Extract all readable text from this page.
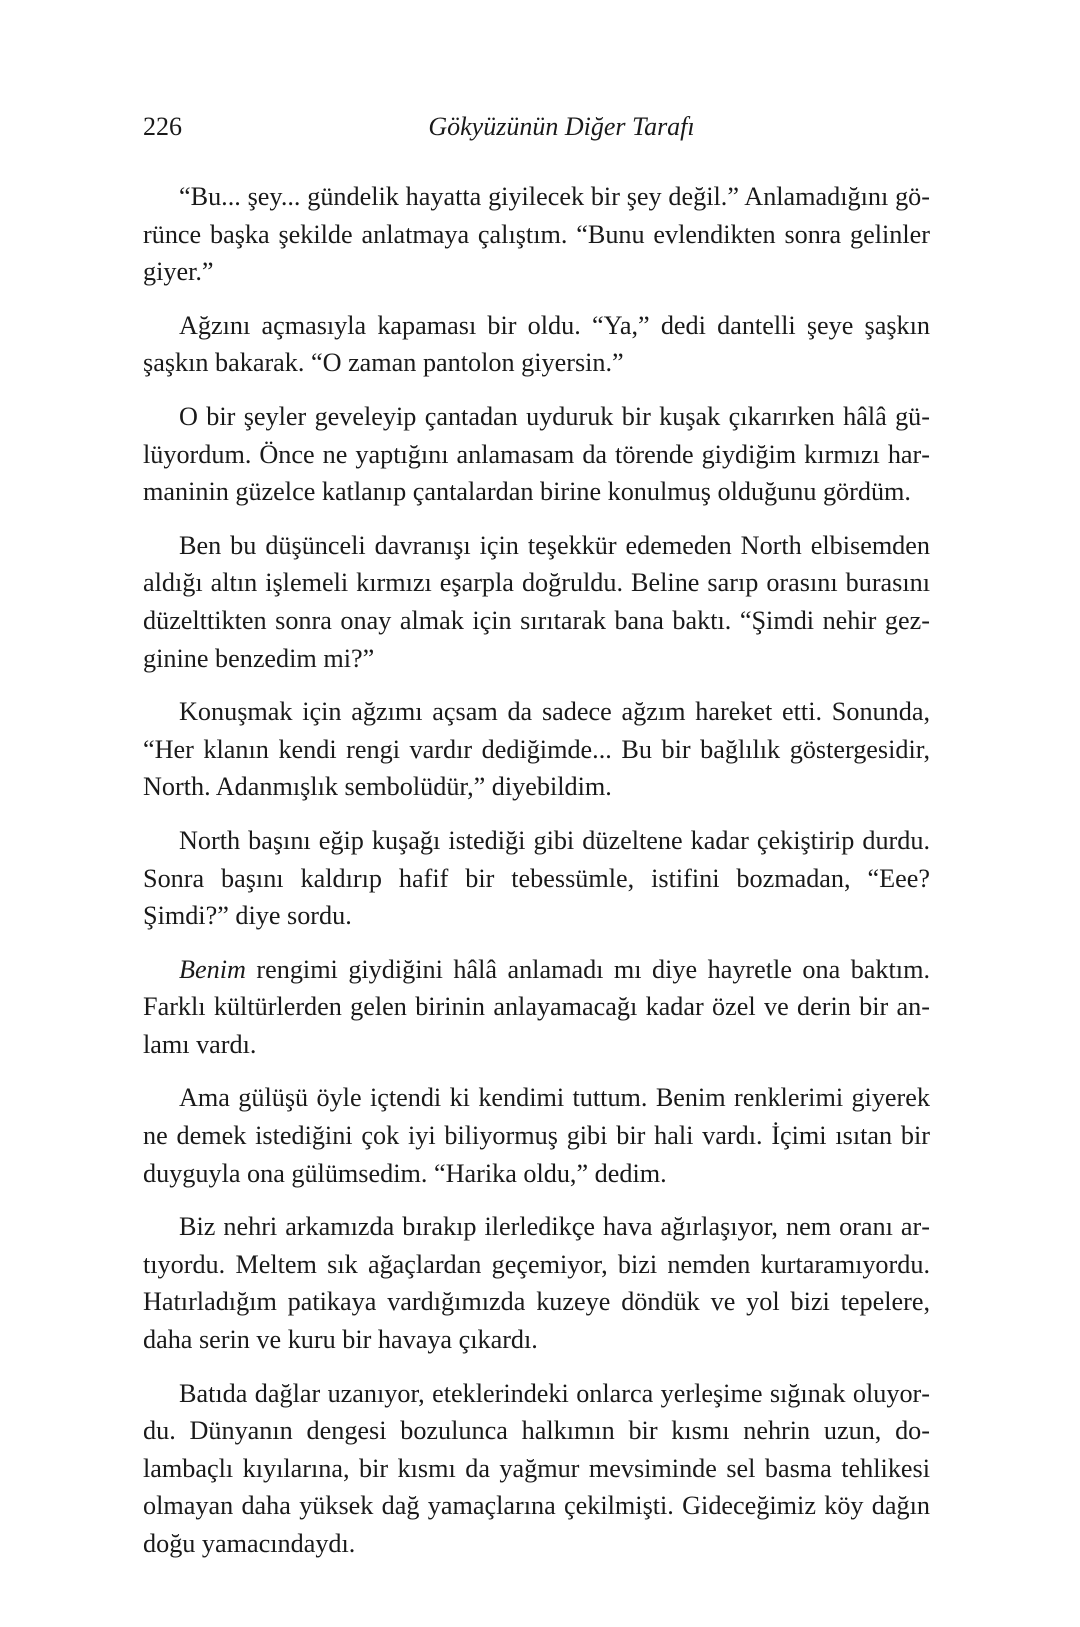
226	Gökyüzünün Diğer Tarafı

“Bu... şey... gündelik hayatta giyilecek bir şey değil.” Anlamadığını görünce başka şekilde anlatmaya çalıştım. “Bunu evlendikten sonra gelinler giyer.”

Ağzını açmasıyla kapaması bir oldu. “Ya,” dedi dantelli şeye şaşkın şaşkın bakarak. “O zaman pantolon giyersin.”

O bir şeyler geveleyip çantadan uyduruk bir kuşak çıkarırken hâlâ gülüyordum. Önce ne yaptığını anlamasam da törende giydiğim kırmızı harmaninin güzelce katlanıp çantalardan birine konulmuş olduğunu gördüm.

Ben bu düşünceli davranışı için teşekkür edemeden North elbisemden aldığı altın işlemeli kırmızı eşarpla doğruldu. Beline sarıp orasını burasını düzelttikten sonra onay almak için sırıtarak bana baktı. “Şimdi nehir gezginine benzedim mi?”

Konuşmak için ağzımı açsam da sadece ağzım hareket etti. Sonunda, “Her klanın kendi rengi vardır dediğimde... Bu bir bağlılık göstergesidir, North. Adanmışlık sembolüdür,” diyebildim.

North başını eğip kuşağı istediği gibi düzeltene kadar çekiştirip durdu. Sonra başını kaldırıp hafif bir tebessümle, istifini bozmadan, “Eee? Şimdi?” diye sordu.

Benim rengimi giydiğini hâlâ anlamadı mı diye hayretle ona baktım. Farklı kültürlerden gelen birinin anlayamacağı kadar özel ve derin bir anlamı vardı.

Ama gülüşü öyle içtendi ki kendimi tuttum. Benim renklerimi giyerek ne demek istediğini çok iyi biliyormuş gibi bir hali vardı. İçimi ısıtan bir duyguyla ona gülümsedim. “Harika oldu,” dedim.

Biz nehri arkamızda bırakıp ilerledikçe hava ağırlaşıyor, nem oranı artıyordu. Meltem sık ağaçlardan geçemiyor, bizi nemden kurtaramıyordu. Hatırladığım patikaya vardığımızda kuzeye döndük ve yol bizi tepelere, daha serin ve kuru bir havaya çıkardı.

Batıda dağlar uzanıyor, eteklerindeki onlarca yerleşime sığınak oluyordu. Dünyanın dengesi bozulunca halkımın bir kısmı nehrin uzun, dolambaçlı kıyılarına, bir kısmı da yağmur mevsiminde sel basma tehlikesi olmayan daha yüksek dağ yamaçlarına çekilmişti. Gideceğimiz köy dağın doğu yamacındaydı.
